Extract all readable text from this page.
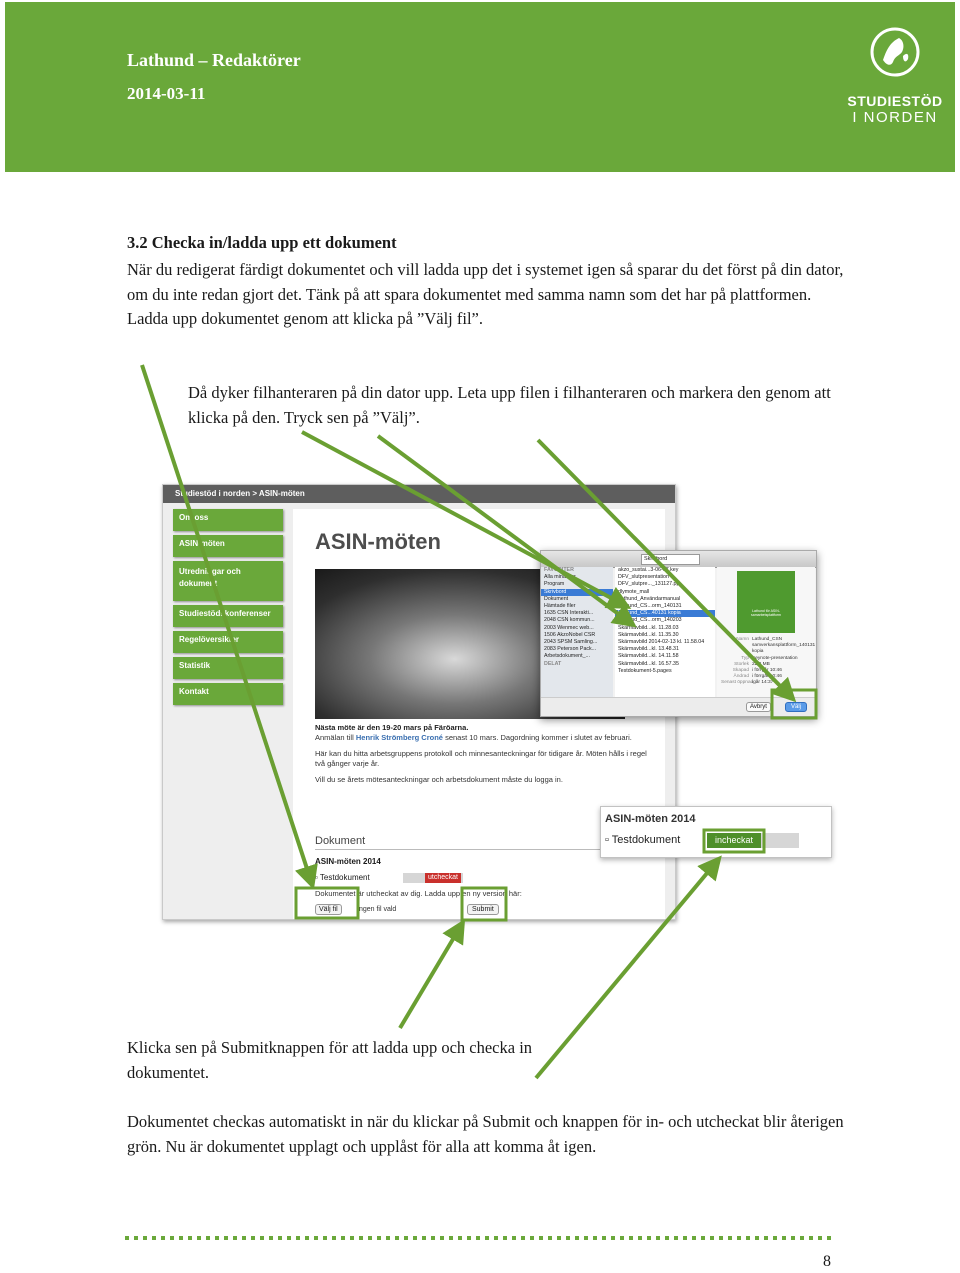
Lathund – Redaktörer
2014-03-11	STUDIESTÖD
I NORDEN
3.2 Checka in/ladda upp ett dokument

När du redigerat färdigt dokumentet och vill ladda upp det i systemet igen så sparar du det först på din dator, om du inte redan gjort det. Tänk på att spara dokumentet med samma namn som det har på plattformen.
Ladda upp dokumentet genom att klicka på ”Välj fil”.

Då dyker filhanteraren på din dator upp. Leta upp filen i filhanteraren och markera den genom att klicka på den. Tryck sen på ”Välj”.

Studiestöd i norden > ASIN-möten
Om oss
ASIN-möten
Utredningar och dokument
Studiestödskonferenser
Regelöversikter
Statistik
Kontakt
ASIN-möten

Nästa möte är den 19-20 mars på Färöarna.
Anmälan till Henrik Strömberg Croné senast 10 mars. Dagordning kommer i slutet av februari.

Här kan du hitta arbetsgruppens protokoll och minnesanteckningar för tidigare år. Möten hålls i regel två gånger varje år.

Vill du se årets mötesanteckningar och arbetsdokument måste du logga in.

Dokument
ASIN-möten 2014
▫ Testdokument	utcheckat
Dokumentet är utcheckat av dig. Ladda upp en ny version här:
Välj fil	Ingen fil vald	Submit
Skrivbord
FAVORITER
Alla mina filer
Program
Skrivbord
Dokument
Hämtade filer
1635 CSN Interakti...
2048 CSN kommun...
2003 Wenmec web...
1506 AkzoNobel CSR
2043 SPSM Samling...
2083 Peterson Pack...
Arbetsdokument_...
DELAT
akzo_sustai...3-06-17.key
DFV_slutpresentation
DFV_slutpre..._131127.pp
dlymote_mall
Lathund_Användarmanual
Lathund_CS...orm_140131
Lathund_CS...40131 kopia
Lathund_CS...orm_140203
Skärmavbild...kl. 11.28.03
Skärmavbild...kl. 11.35.30
Skärmavbild 2014-02-13 kl. 11.58.04
Skärmavbild...kl. 13.48.31
Skärmavbild...kl. 14.11.58
Skärmavbild...kl. 16.57.35
Testdokument-5.pages
Lathund för ASIN-samarbetsplattform
Namn Lathund_CSN
samverkansplattform_140131
kopia
Typ Keynote-presentation
Storlek 22,8 MB
Skapad i förrgår 10:46
Ändrad i förrgår 10:46
Senast öppnadigår 14:37
Avbryt	Välj
ASIN-möten 2014
▫ Testdokument	incheckat

Klicka sen på Submitknappen för att ladda upp och checka in dokumentet.

Dokumentet checkas automatiskt in när du klickar på Submit och knappen för in- och utcheckat blir återigen grön. Nu är dokumentet upplagt och upplåst för alla att komma åt igen.

8
